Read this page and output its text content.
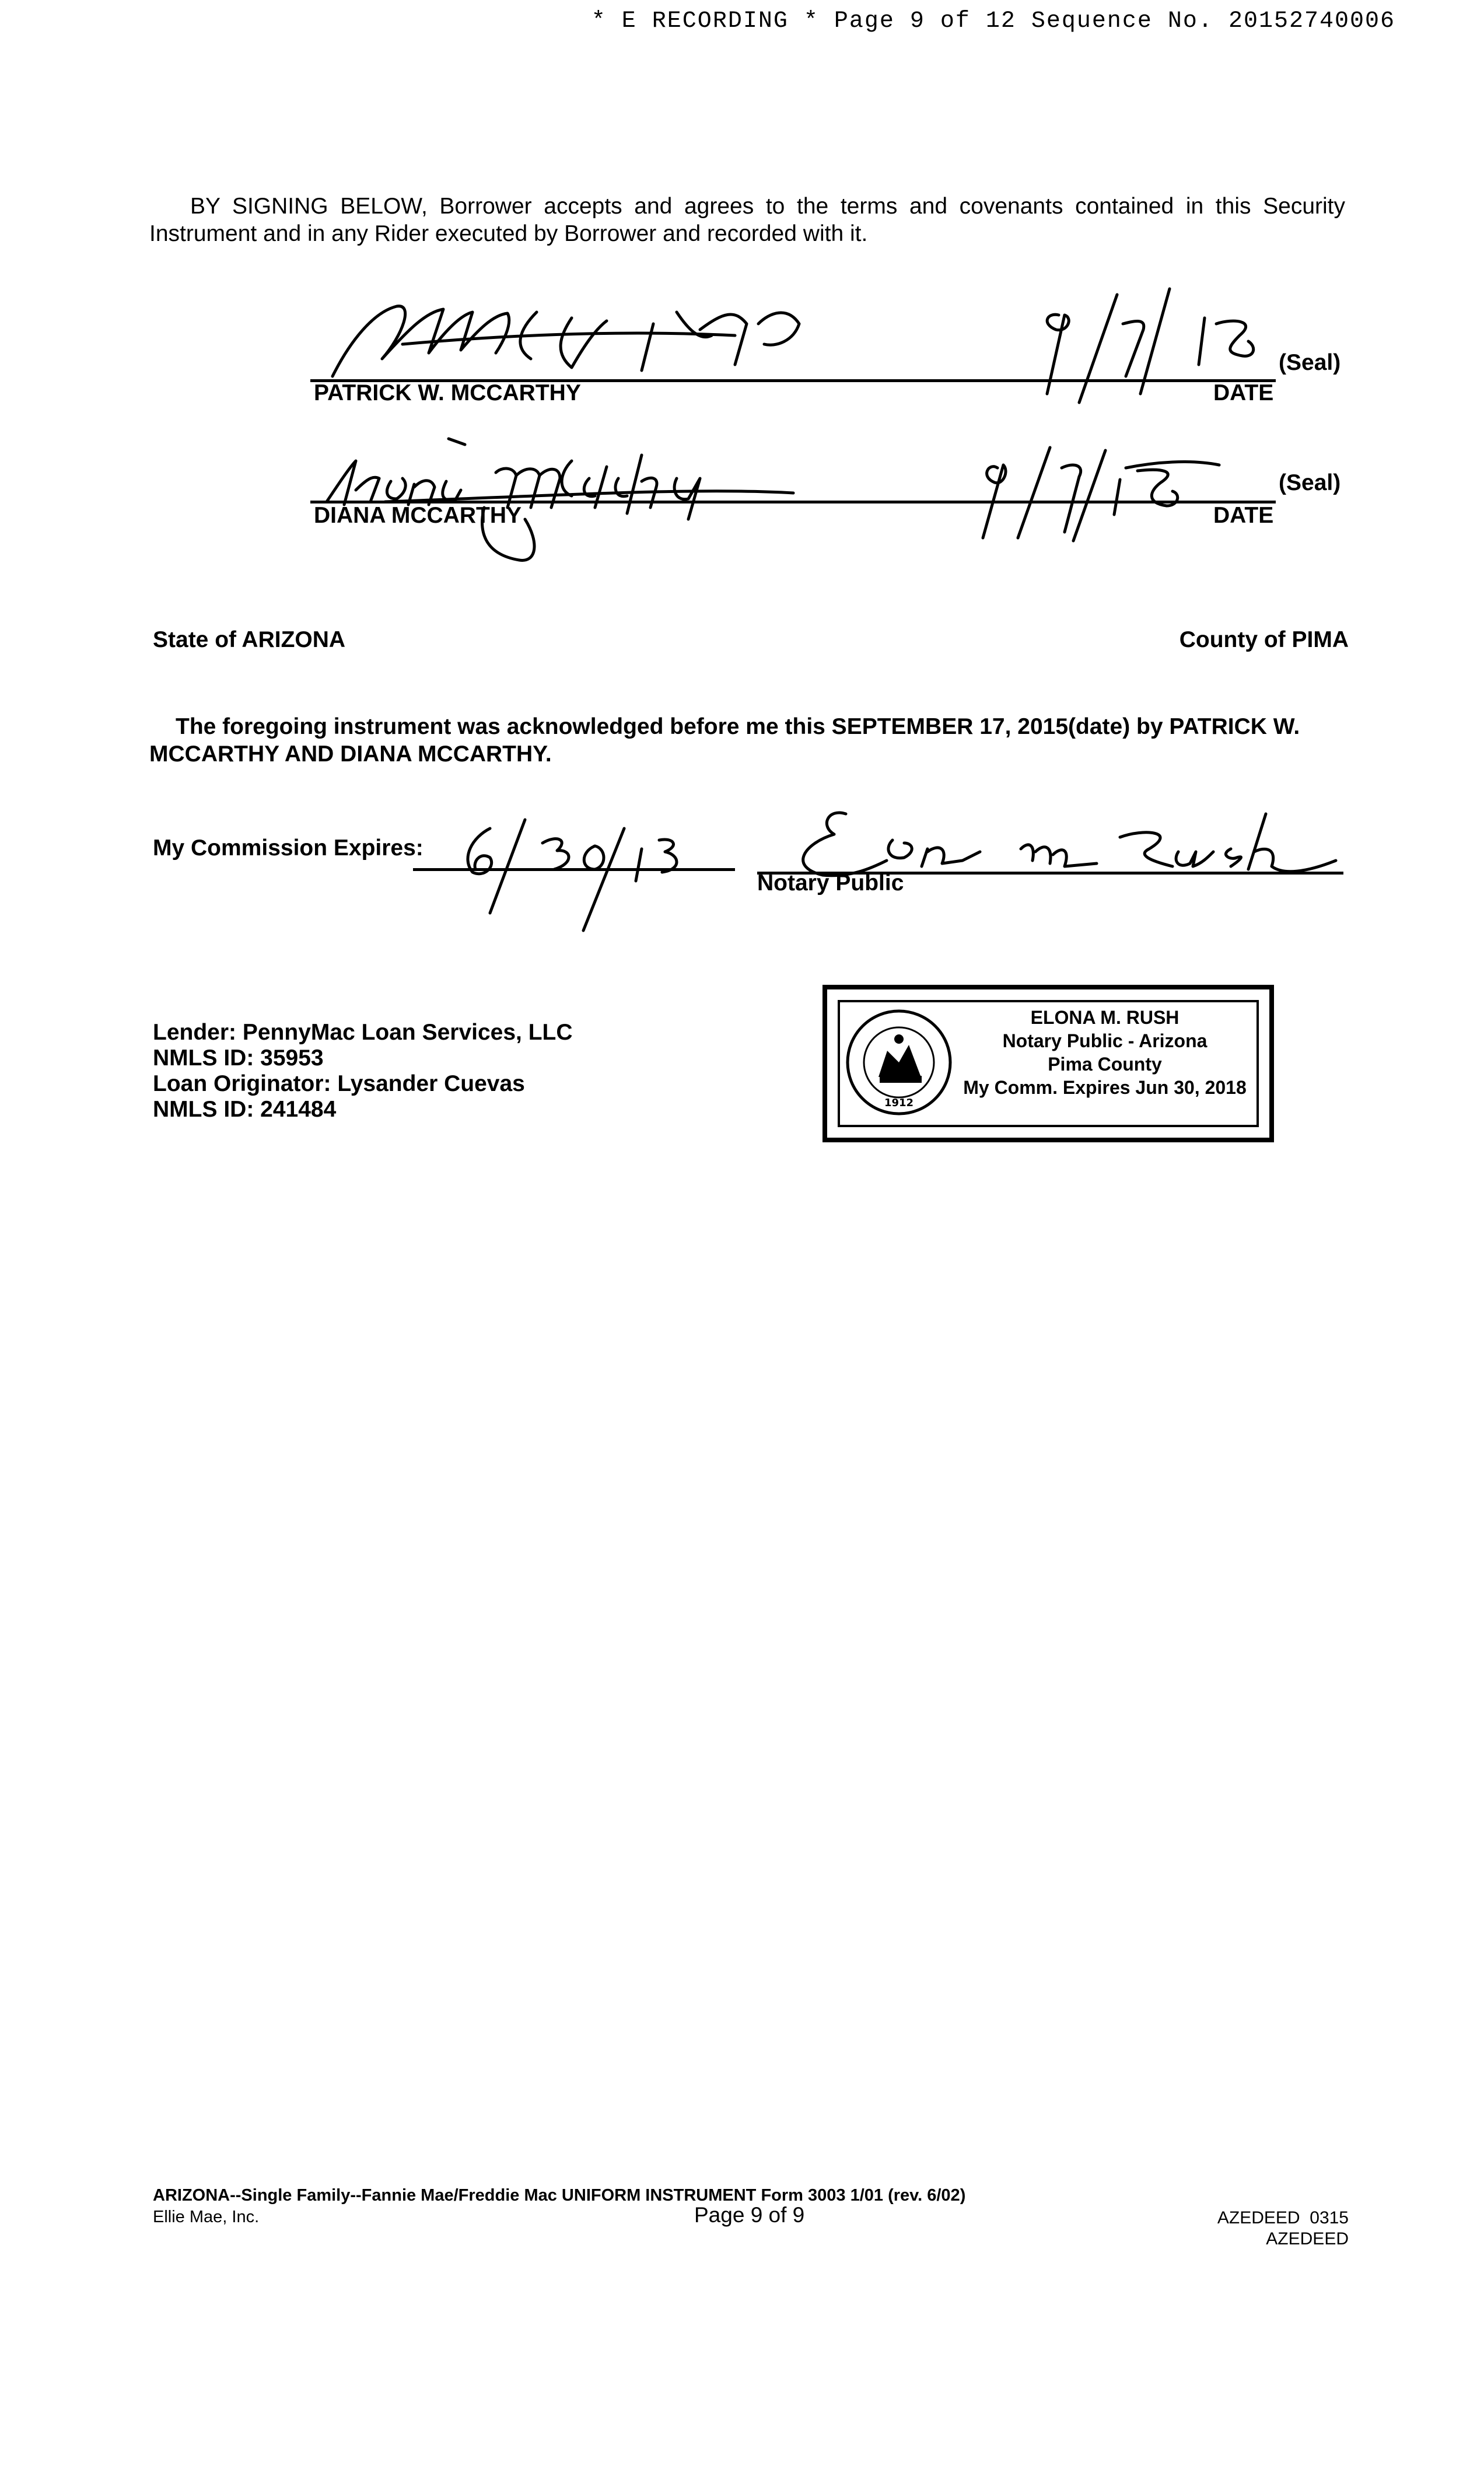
* E RECORDING * Page 9 of 12 Sequence No. 20152740006

BY SIGNING BELOW, Borrower accepts and agrees to the terms and covenants contained in this Security Instrument and in any Rider executed by Borrower and recorded with it.

(Seal)
PATRICK W. MCCARTHY	DATE
(Seal)
DIANA MCCARTHY	DATE
State of ARIZONA	County of PIMA

The foregoing instrument was acknowledged before me this SEPTEMBER 17, 2015(date) by PATRICK W. MCCARTHY AND DIANA MCCARTHY.

My Commission Expires:
Notary Public
Lender: PennyMac Loan Services, LLC
NMLS ID: 35953
Loan Originator: Lysander Cuevas
NMLS ID: 241484	1912
ELONA M. RUSH
Notary Public - Arizona
Pima County
My Comm. Expires Jun 30, 2018
ARIZONA--Single Family--Fannie Mae/Freddie Mac UNIFORM INSTRUMENT Form 3003 1/01 (rev. 6/02)
Ellie Mae, Inc.	Page 9 of 9	AZEDEED  0315
AZEDEED
